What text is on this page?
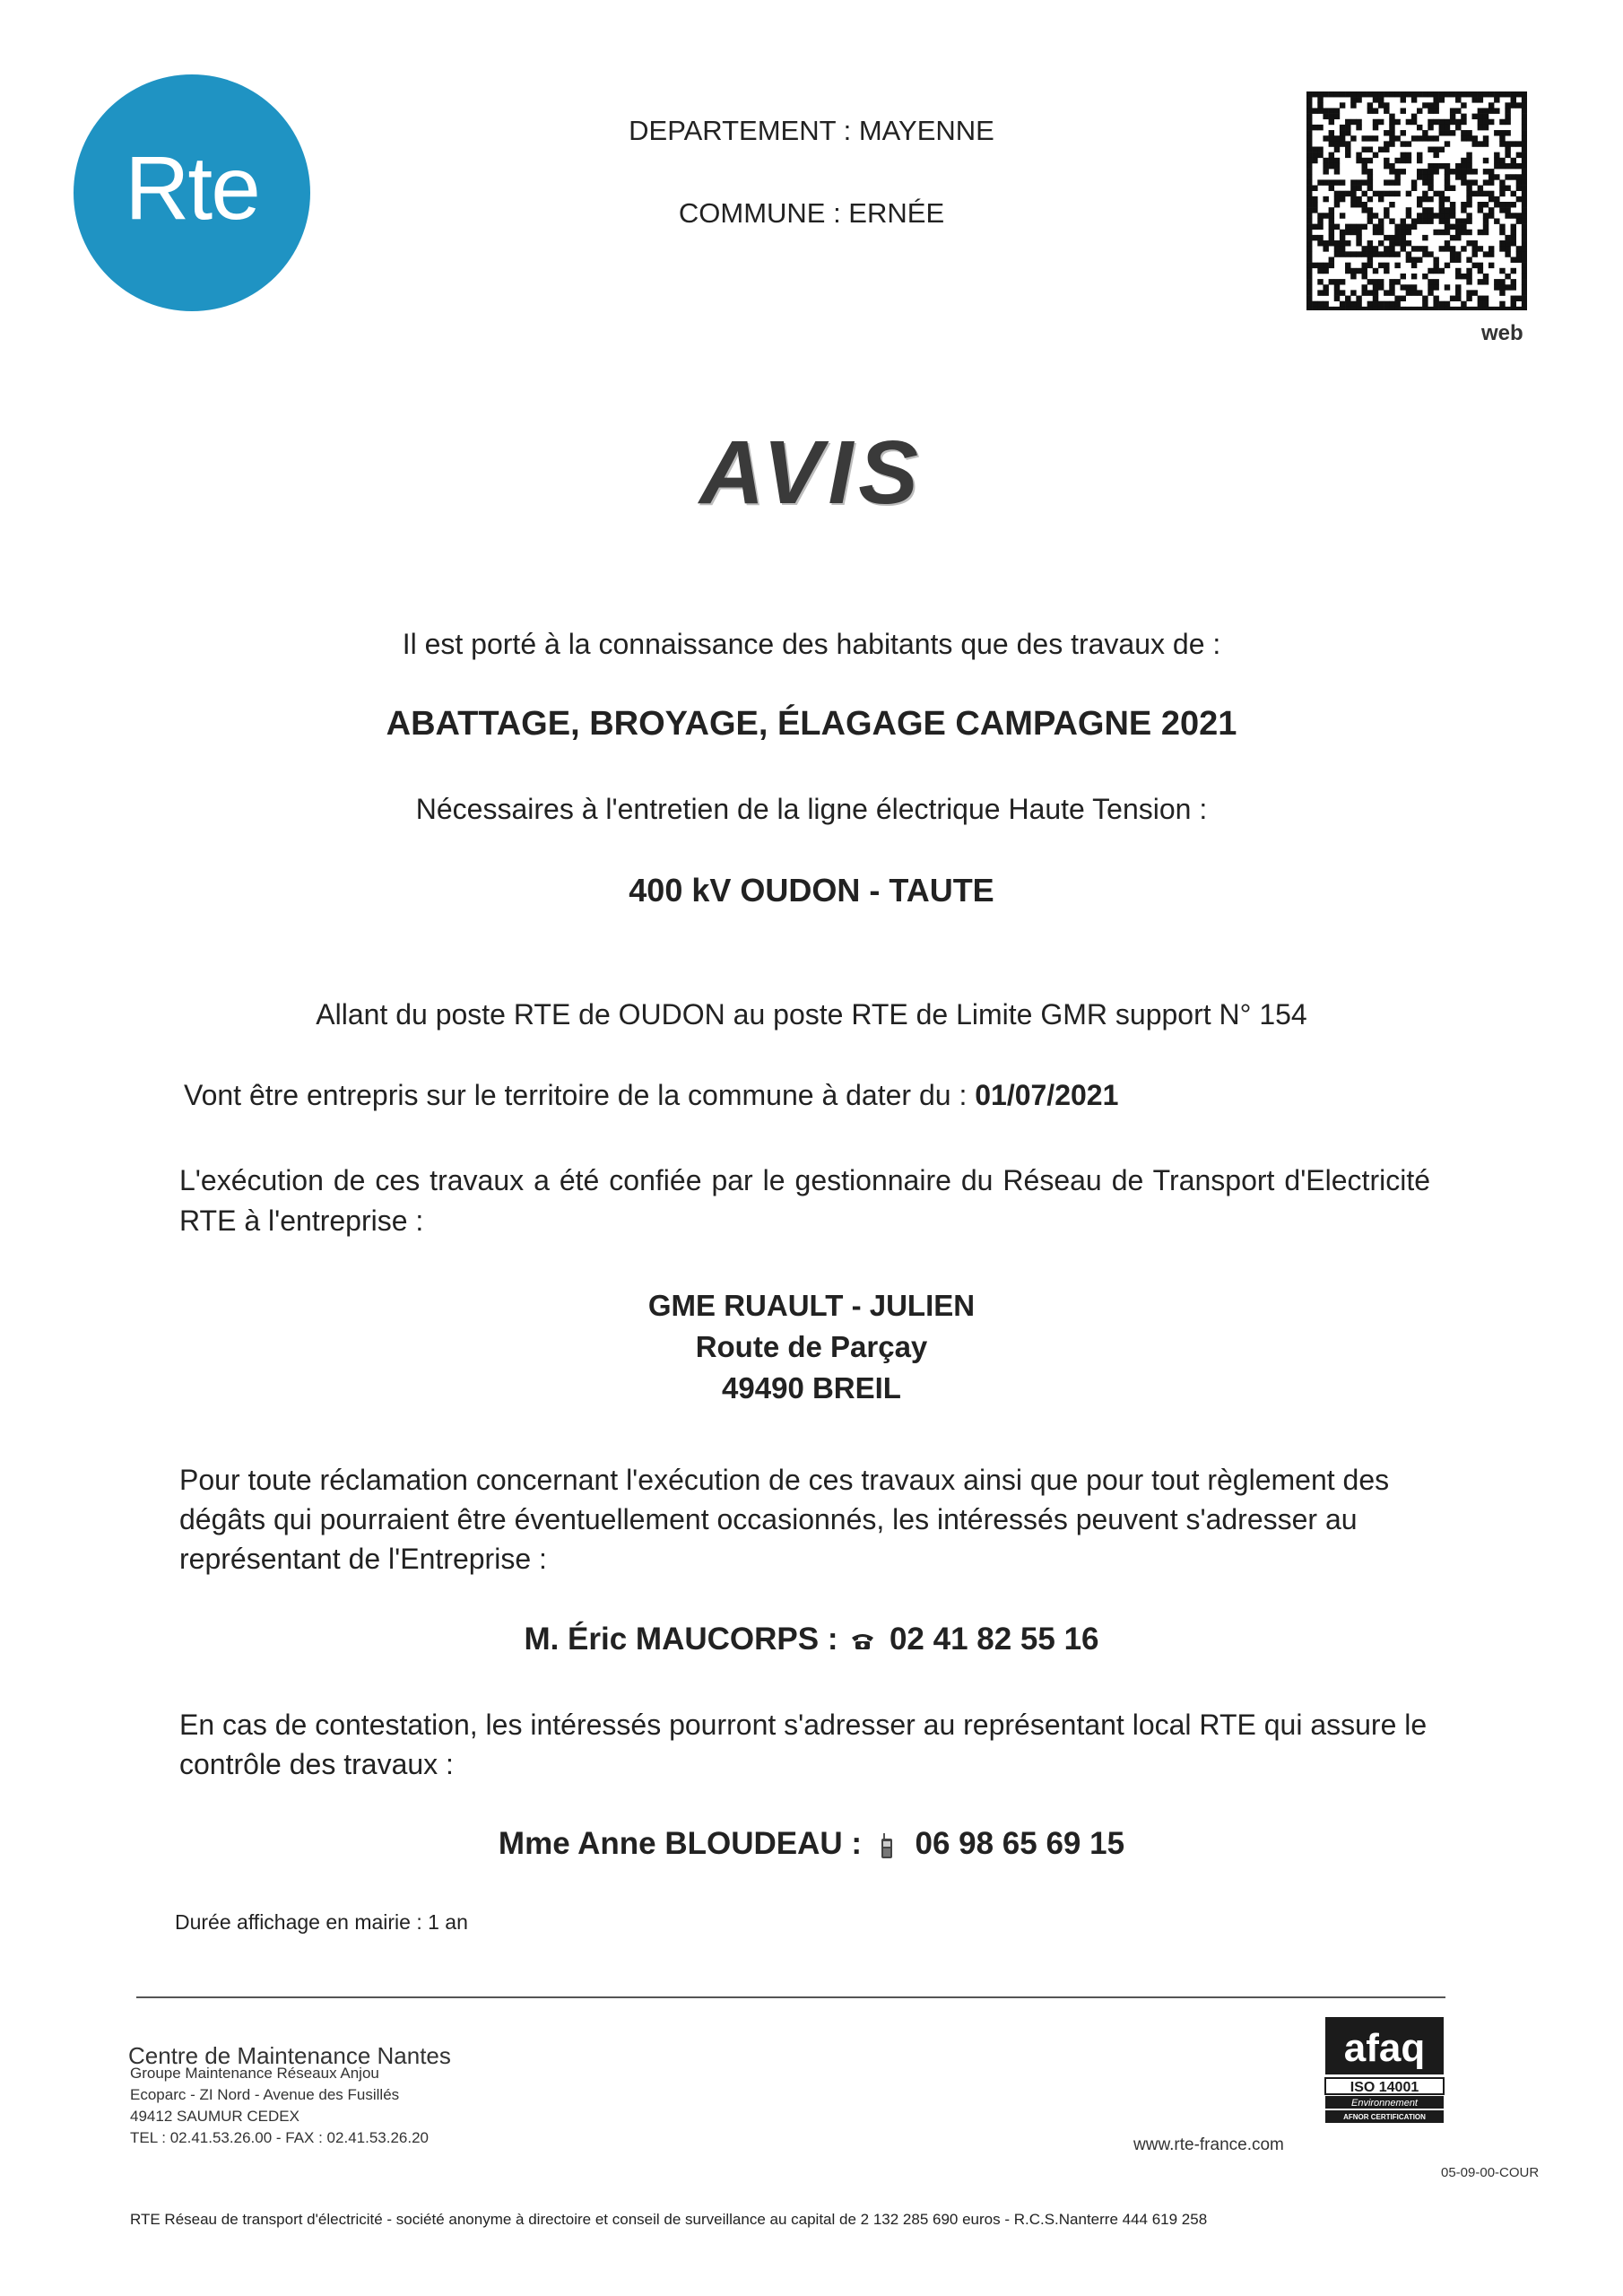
Rte
DEPARTEMENT : MAYENNE
COMMUNE : ERNÉE
web
AVIS
Il est porté à la connaissance des habitants que des travaux de :
ABATTAGE, BROYAGE, ÉLAGAGE CAMPAGNE 2021
Nécessaires à l'entretien de la ligne électrique Haute Tension :
400 kV OUDON - TAUTE
Allant du poste RTE de OUDON au poste RTE de Limite GMR support N° 154
Vont être entrepris sur le territoire de la commune à dater du : 01/07/2021
L'exécution de ces travaux a été confiée par le gestionnaire du Réseau de Transport d'Electricité RTE à l'entreprise :
GME RUAULT - JULIEN
Route de Parçay
49490 BREIL
Pour toute réclamation concernant l'exécution de ces travaux ainsi que pour tout règlement des dégâts qui pourraient être éventuellement occasionnés, les intéressés peuvent s'adresser au représentant de l'Entreprise :
M. Éric MAUCORPS : 02 41 82 55 16
En cas de contestation, les intéressés pourront s'adresser au représentant local RTE qui assure le contrôle des travaux :
Mme Anne BLOUDEAU : 06 98 65 69 15
Durée affichage en mairie : 1 an
Centre de Maintenance Nantes
Groupe Maintenance Réseaux Anjou
Ecoparc - ZI Nord - Avenue des Fusillés
49412 SAUMUR CEDEX
TEL : 02.41.53.26.00 - FAX : 02.41.53.26.20
afaq
ISO 14001
Environnement
AFNOR CERTIFICATION
www.rte-france.com
05-09-00-COUR
RTE Réseau de transport d'électricité - société anonyme à directoire et conseil de surveillance au capital de 2 132 285 690 euros - R.C.S.Nanterre 444 619 258
